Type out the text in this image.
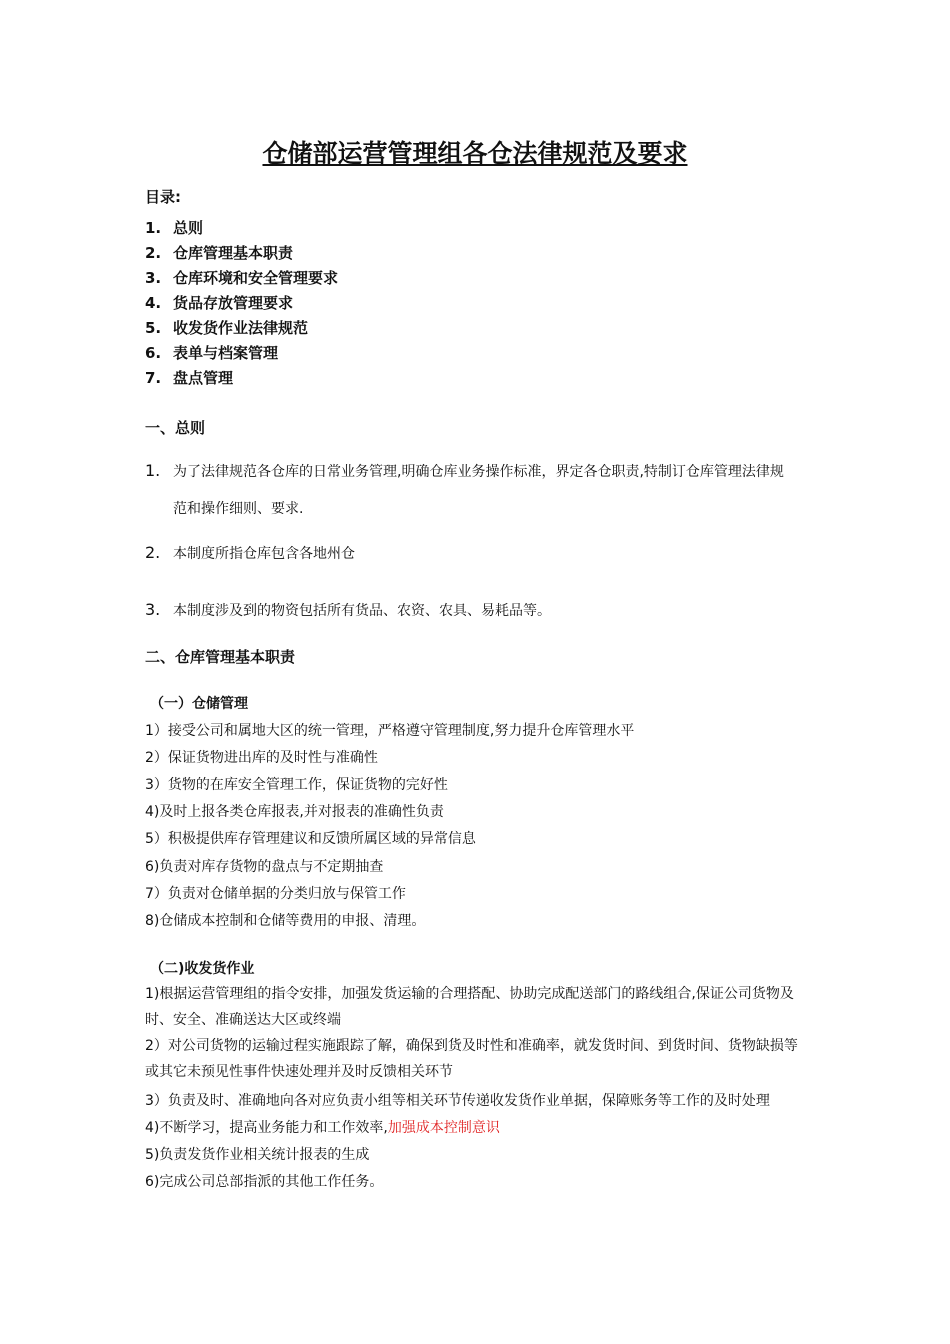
仓储部运营管理组各仓法律规范及要求
目录:
1. 总则
2. 仓库管理基本职责
3. 仓库环境和安全管理要求
4. 货品存放管理要求
5. 收发货作业法律规范
6. 表单与档案管理
7. 盘点管理
一、总则
1. 为了法律规范各仓库的日常业务管理,明确仓库业务操作标准，界定各仓职责,特制订仓库管理法律规
范和操作细则、要求.
2. 本制度所指仓库包含各地州仓
3. 本制度涉及到的物资包括所有货品、农资、农具、易耗品等。
二、仓库管理基本职责
（一）仓储管理
1）接受公司和属地大区的统一管理，严格遵守管理制度,努力提升仓库管理水平
2）保证货物进出库的及时性与准确性
3）货物的在库安全管理工作，保证货物的完好性
4)及时上报各类仓库报表,并对报表的准确性负责
5）积极提供库存管理建议和反馈所属区域的异常信息
6)负责对库存货物的盘点与不定期抽查
7）负责对仓储单据的分类归放与保管工作
8)仓储成本控制和仓储等费用的申报、清理。
（二)收发货作业
1)根据运营管理组的指令安排，加强发货运输的合理搭配、协助完成配送部门的路线组合,保证公司货物及时、安全、准确送达大区或终端
2）对公司货物的运输过程实施跟踪了解，确保到货及时性和准确率，就发货时间、到货时间、货物缺损等或其它未预见性事件快速处理并及时反馈相关环节
3）负责及时、准确地向各对应负责小组等相关环节传递收发货作业单据，保障账务等工作的及时处理
4)不断学习，提高业务能力和工作效率,加强成本控制意识
5)负责发货作业相关统计报表的生成
6)完成公司总部指派的其他工作任务。
